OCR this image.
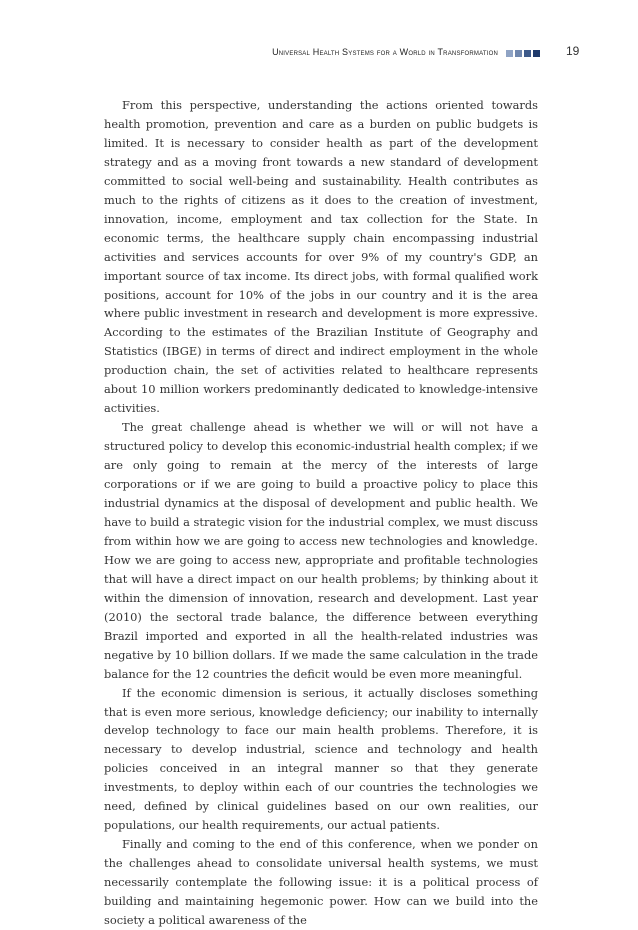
Universal Health Systems for a World in Transformation	19

From this perspective, understanding the actions oriented towards health promotion, prevention and care as a burden on public budgets is limited. It is necessary to consider health as part of the development strategy and as a moving front towards a new standard of development committed to social well-being and sustainability. Health contributes as much to the rights of citizens as it does to the creation of investment, innovation, income, employment and tax collection for the State. In economic terms, the healthcare supply chain encompassing industrial activities and services accounts for over 9% of my country's GDP, an important source of tax income. Its direct jobs, with formal qualified work positions, account for 10% of the jobs in our country and it is the area where public investment in research and development is more expressive. According to the estimates of the Brazilian Institute of Geography and Statistics (IBGE) in terms of direct and indirect employment in the whole production chain, the set of activities related to healthcare represents about 10 million workers predominantly dedicated to knowledge-intensive activities.

The great challenge ahead is whether we will or will not have a structured policy to develop this economic-industrial health complex; if we are only going to remain at the mercy of the interests of large corporations or if we are going to build a proactive policy to place this industrial dynamics at the disposal of development and public health. We have to build a strategic vision for the industrial complex, we must discuss from within how we are going to access new technologies and knowledge. How we are going to access new, appropriate and profitable technologies that will have a direct impact on our health problems; by thinking about it within the dimension of innovation, research and development. Last year (2010) the sectoral trade balance, the difference between everything Brazil imported and exported in all the health-related industries was negative by 10 billion dollars. If we made the same calculation in the trade balance for the 12 countries the deficit would be even more meaningful.

If the economic dimension is serious, it actually discloses something that is even more serious, knowledge deficiency; our inability to internally develop technology to face our main health problems. Therefore, it is necessary to develop industrial, science and technology and health policies conceived in an integral manner so that they generate investments, to deploy within each of our countries the technologies we need, defined by clinical guidelines based on our own realities, our populations, our health requirements, our actual patients.

Finally and coming to the end of this conference, when we ponder on the challenges ahead to consolidate universal health systems, we must necessarily contemplate the following issue: it is a political process of building and maintaining hegemonic power. How can we build into the society a political awareness of the
